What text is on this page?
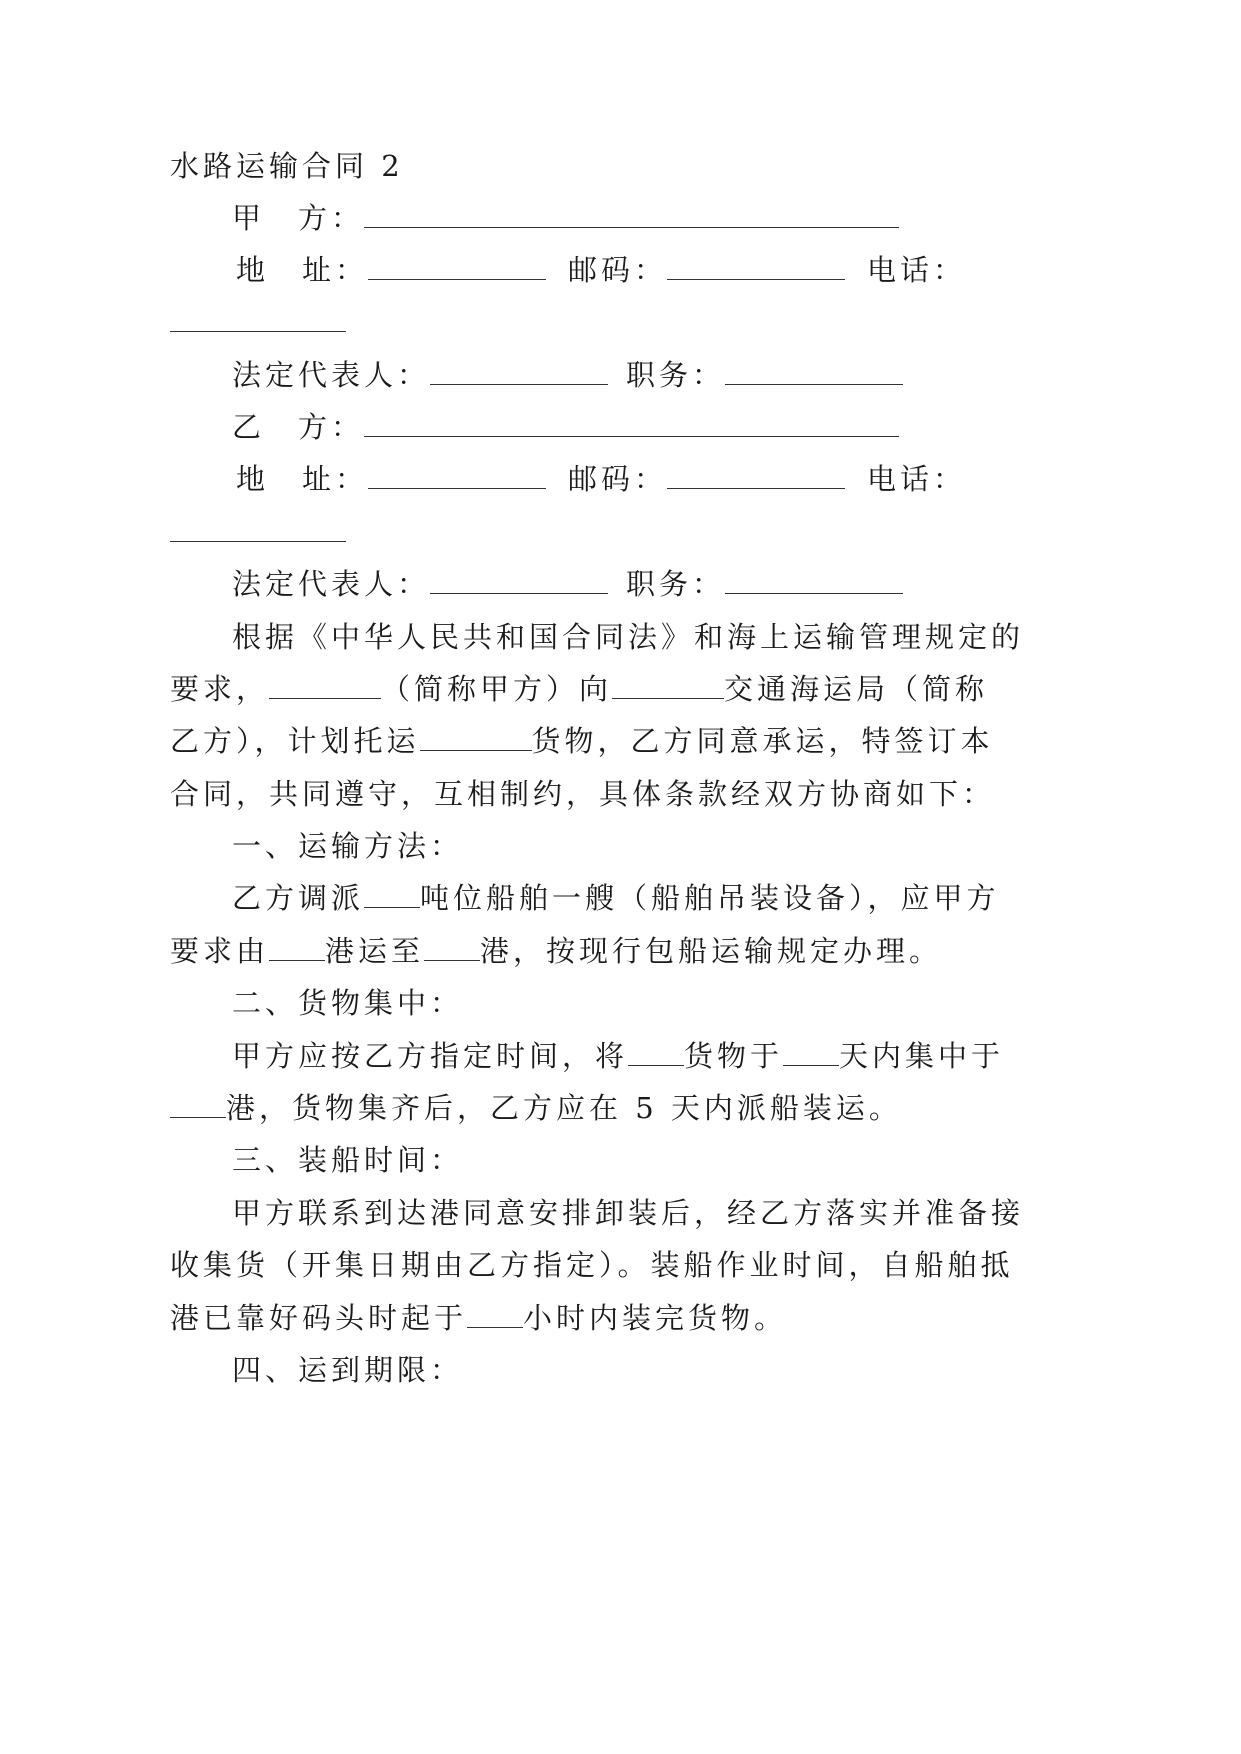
水路运输合同 2
甲　方：
地　址：	邮码：	电话：
法定代表人：	职务：
乙　方：
地　址：	邮码：	电话：
法定代表人：	职务：
根据《中华人民共和国合同法》和海上运输管理规定的
要求，	（简称甲方）向	交通海运局（简称
乙方），计划托运	货物，乙方同意承运，特签订本
合同，共同遵守，互相制约，具体条款经双方协商如下：
一、运输方法：
乙方调派 吨位船舶一艘（船舶吊装设备），应甲方
要求由 港运至 港，按现行包船运输规定办理。
二、货物集中：
甲方应按乙方指定时间，将 货物于 天内集中于
港，货物集齐后，乙方应在 5 天内派船装运。
三、装船时间：
甲方联系到达港同意安排卸装后，经乙方落实并准备接
收集货（开集日期由乙方指定）。装船作业时间，自船舶抵
港已靠好码头时起于 小时内装完货物。
四、运到期限：
